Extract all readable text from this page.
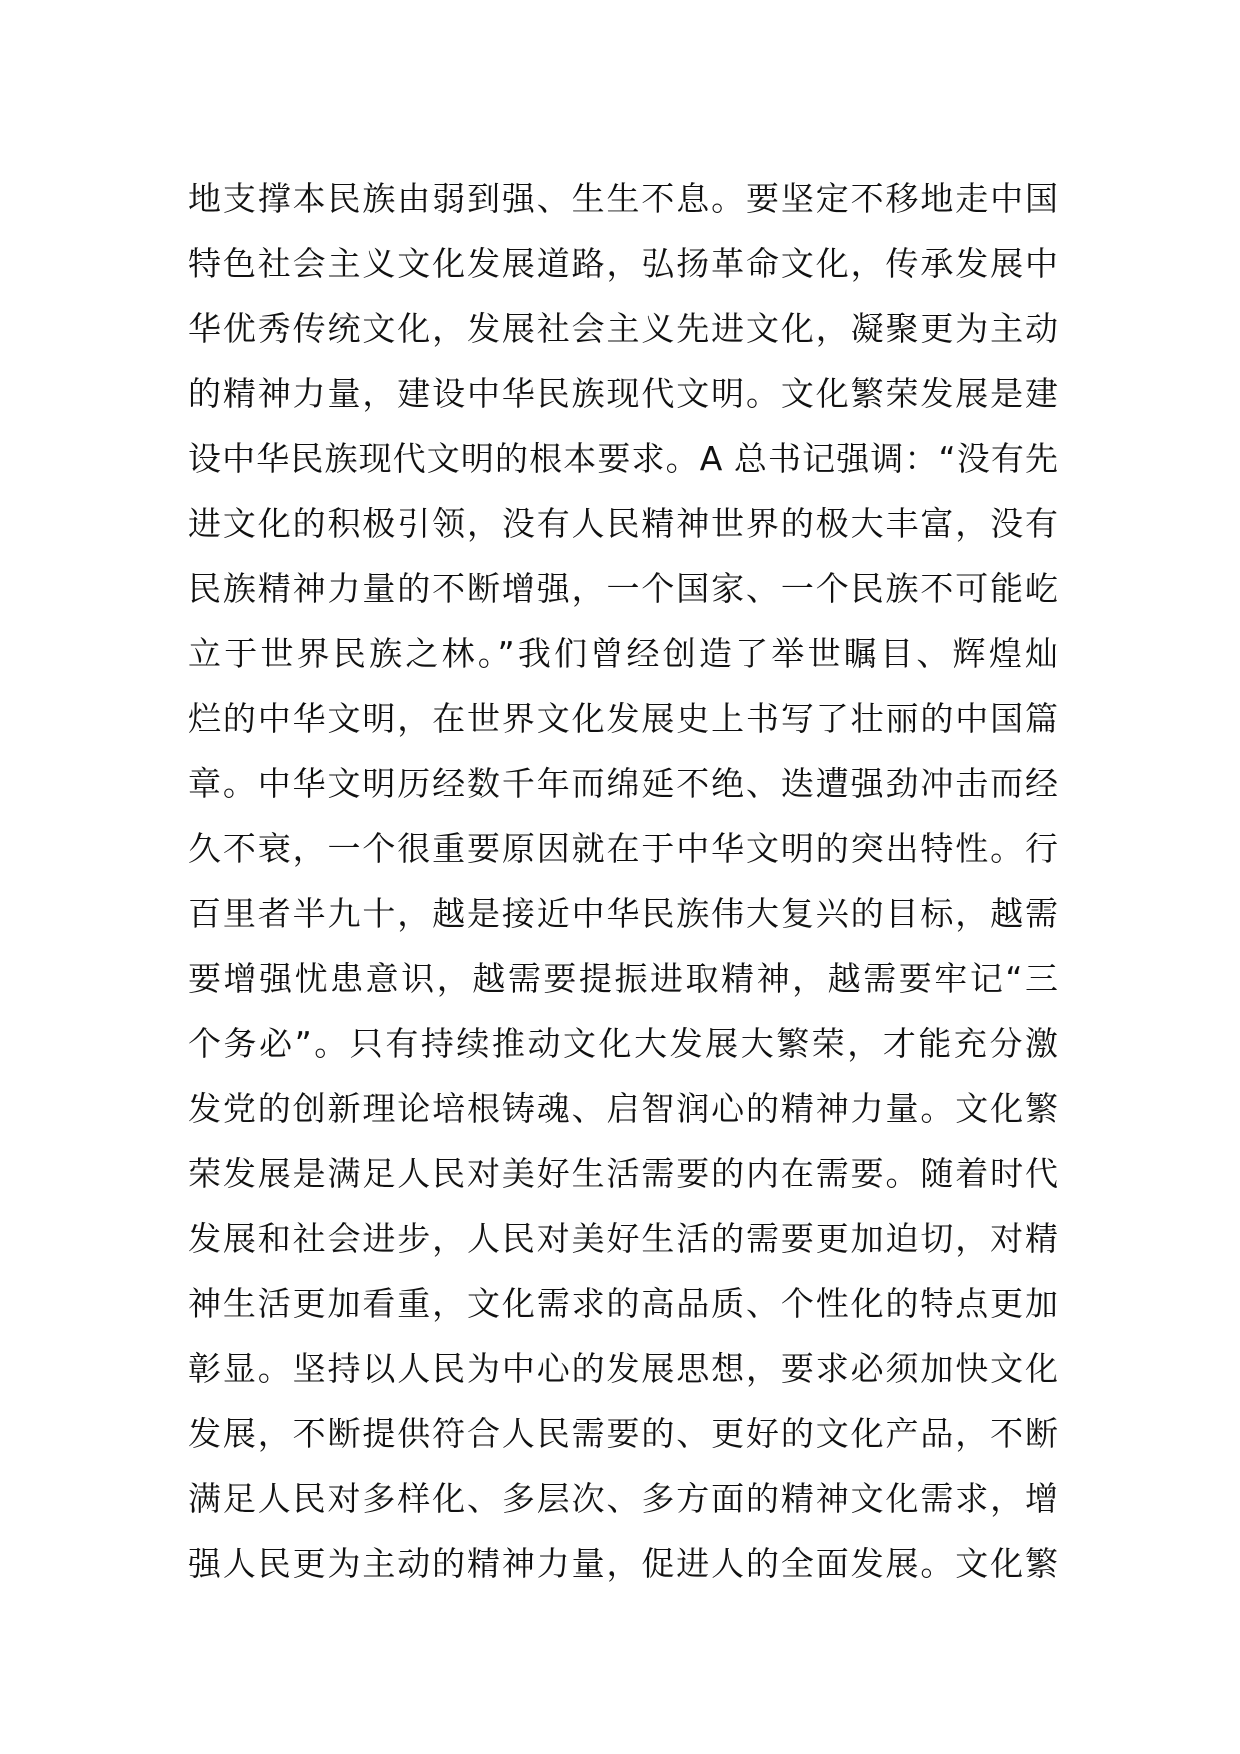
地支撑本民族由弱到强、生生不息。要坚定不移地走中国
特色社会主义文化发展道路，弘扬革命文化，传承发展中
华优秀传统文化，发展社会主义先进文化，凝聚更为主动
的精神力量，建设中华民族现代文明。文化繁荣发展是建
设中华民族现代文明的根本要求。A 总书记强调：“没有先
进文化的积极引领，没有人民精神世界的极大丰富，没有
民族精神力量的不断增强，一个国家、一个民族不可能屹
立于世界民族之林。”我们曾经创造了举世瞩目、辉煌灿
烂的中华文明，在世界文化发展史上书写了壮丽的中国篇
章。中华文明历经数千年而绵延不绝、迭遭强劲冲击而经
久不衰，一个很重要原因就在于中华文明的突出特性。行
百里者半九十，越是接近中华民族伟大复兴的目标，越需
要增强忧患意识，越需要提振进取精神，越需要牢记“三
个务必”。只有持续推动文化大发展大繁荣，才能充分激
发党的创新理论培根铸魂、启智润心的精神力量。文化繁
荣发展是满足人民对美好生活需要的内在需要。随着时代
发展和社会进步，人民对美好生活的需要更加迫切，对精
神生活更加看重，文化需求的高品质、个性化的特点更加
彰显。坚持以人民为中心的发展思想，要求必须加快文化
发展，不断提供符合人民需要的、更好的文化产品，不断
满足人民对多样化、多层次、多方面的精神文化需求，增
强人民更为主动的精神力量，促进人的全面发展。文化繁
